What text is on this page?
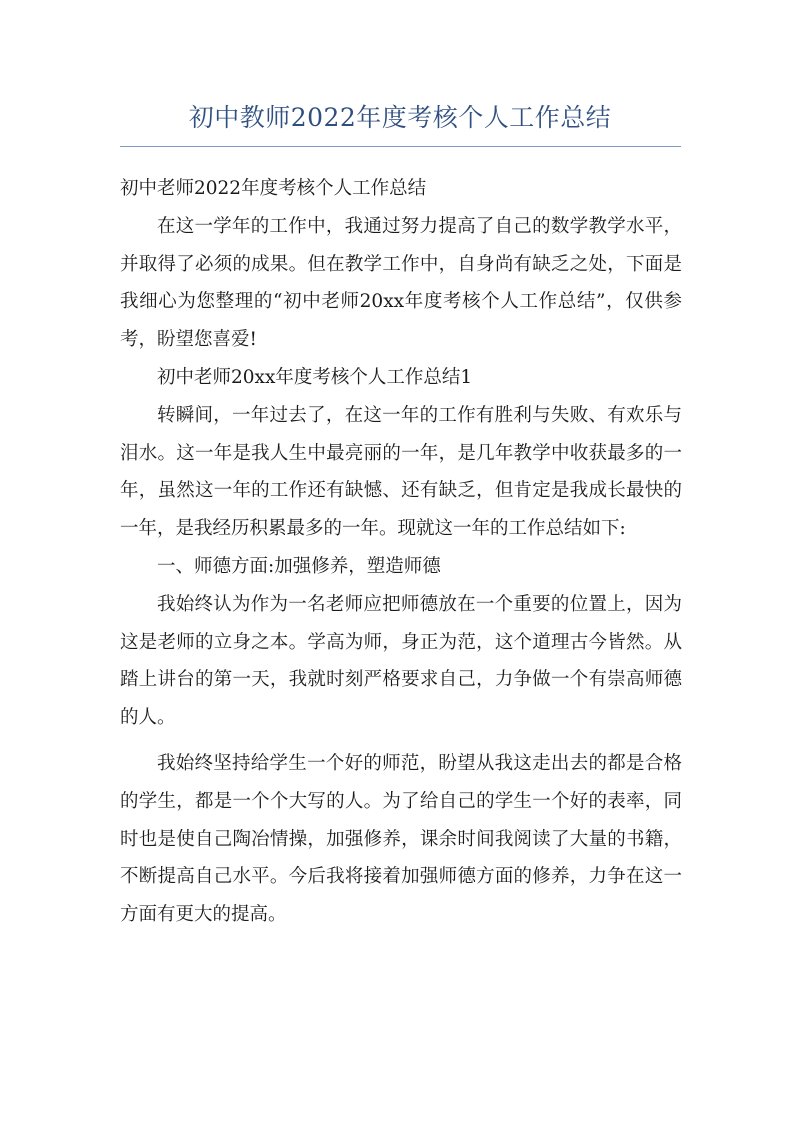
初中教师2022年度考核个人工作总结

初中老师2022年度考核个人工作总结

在这一学年的工作中，我通过努力提高了自己的数学教学水平，并取得了必须的成果。但在教学工作中，自身尚有缺乏之处，下面是我细心为您整理的“初中老师20xx年度考核个人工作总结”，仅供参考，盼望您喜爱!

初中老师20xx年度考核个人工作总结1

转瞬间，一年过去了，在这一年的工作有胜利与失败、有欢乐与泪水。这一年是我人生中最亮丽的一年，是几年教学中收获最多的一年，虽然这一年的工作还有缺憾、还有缺乏，但肯定是我成长最快的一年，是我经历积累最多的一年。现就这一年的工作总结如下:

一、师德方面:加强修养，塑造师德

我始终认为作为一名老师应把师德放在一个重要的位置上，因为这是老师的立身之本。学高为师，身正为范，这个道理古今皆然。从踏上讲台的第一天，我就时刻严格要求自己，力争做一个有崇高师德的人。

我始终坚持给学生一个好的师范，盼望从我这走出去的都是合格的学生，都是一个个大写的人。为了给自己的学生一个好的表率，同时也是使自己陶冶情操，加强修养，课余时间我阅读了大量的书籍，不断提高自己水平。今后我将接着加强师德方面的修养，力争在这一方面有更大的提高。
